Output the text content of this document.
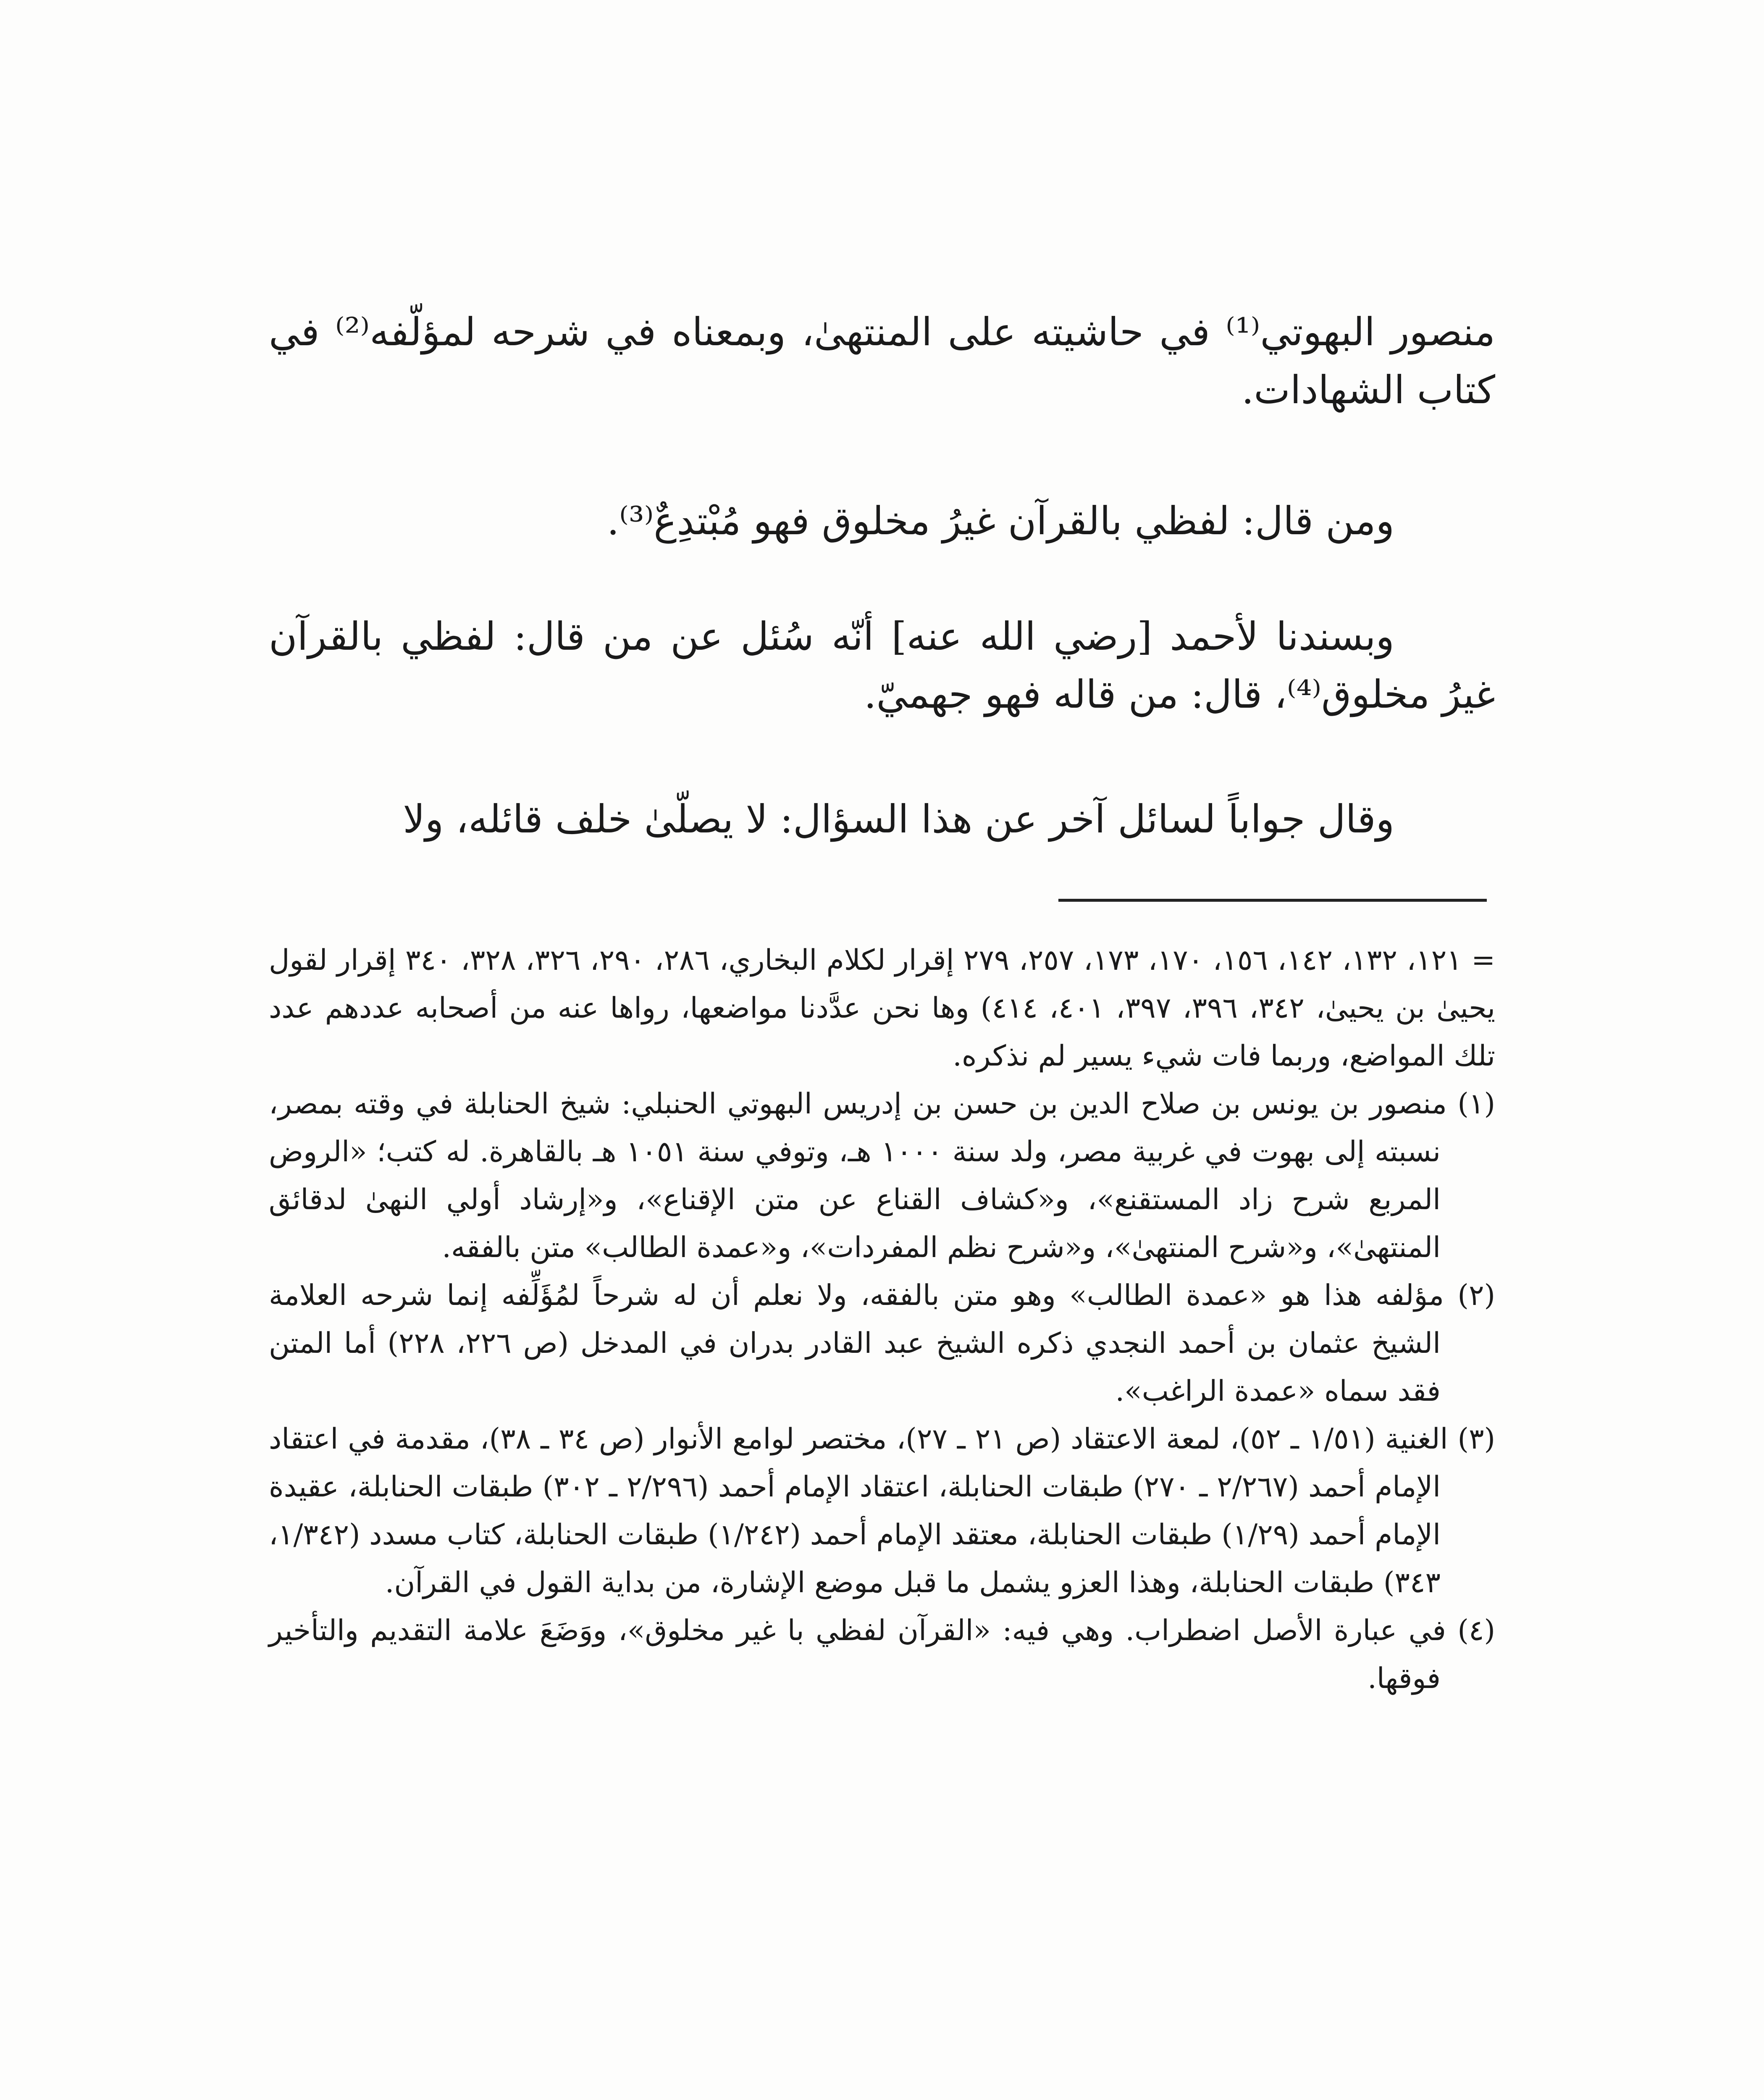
منصور البهوتي⁽¹⁾ في حاشيته على المنتهىٰ، وبمعناه في شرحه لمؤلّفه⁽²⁾ في كتاب الشهادات.

ومن قال: لفظي بالقرآن غيرُ مخلوق فهو مُبْتدِعٌ⁽³⁾.

وبسندنا لأحمد [رضي الله عنه] أنّه سُئل عن من قال: لفظي بالقرآن غيرُ مخلوق⁽⁴⁾، قال: من قاله فهو جهميّ.

وقال جواباً لسائل آخر عن هذا السؤال: لا يصلّىٰ خلف قائله، ولا

= ١٢١، ١٣٢، ١٤٢، ١٥٦، ١٧٠، ١٧٣، ٢٥٧، ٢٧٩ إقرار لكلام البخاري، ٢٨٦، ٢٩٠، ٣٢٦، ٣٢٨، ٣٤٠ إقرار لقول يحيىٰ بن يحيىٰ، ٣٤٢، ٣٩٦، ٣٩٧، ٤٠١، ٤١٤) وها نحن عدَّدنا مواضعها، رواها عنه من أصحابه عددهم عدد تلك المواضع، وربما فات شيء يسير لم نذكره.

(١) منصور بن يونس بن صلاح الدين بن حسن بن إدريس البهوتي الحنبلي: شيخ الحنابلة في وقته بمصر، نسبته إلى بهوت في غربية مصر، ولد سنة ١٠٠٠ هـ، وتوفي سنة ١٠٥١ هـ بالقاهرة. له كتب؛ «الروض المربع شرح زاد المستقنع»، و«كشاف القناع عن متن الإقناع»، و«إرشاد أولي النهىٰ لدقائق المنتهىٰ»، و«شرح المنتهىٰ»، و«شرح نظم المفردات»، و«عمدة الطالب» متن بالفقه.

(٢) مؤلفه هذا هو «عمدة الطالب» وهو متن بالفقه، ولا نعلم أن له شرحاً لمُؤَلِّفه إنما شرحه العلامة الشيخ عثمان بن أحمد النجدي ذكره الشيخ عبد القادر بدران في المدخل (ص ٢٢٦، ٢٢٨) أما المتن فقد سماه «عمدة الراغب».

(٣) الغنية (١/٥١ ـ ٥٢)، لمعة الاعتقاد (ص ٢١ ـ ٢٧)، مختصر لوامع الأنوار (ص ٣٤ ـ ٣٨)، مقدمة في اعتقاد الإمام أحمد (٢/٢٦٧ ـ ٢٧٠) طبقات الحنابلة، اعتقاد الإمام أحمد (٢/٢٩٦ ـ ٣٠٢) طبقات الحنابلة، عقيدة الإمام أحمد (١/٢٩) طبقات الحنابلة، معتقد الإمام أحمد (١/٢٤٢) طبقات الحنابلة، كتاب مسدد (١/٣٤٢، ٣٤٣) طبقات الحنابلة، وهذا العزو يشمل ما قبل موضع الإشارة، من بداية القول في القرآن.

(٤) في عبارة الأصل اضطراب. وهي فيه: «القرآن لفظي با غير مخلوق»، ووَضَعَ علامة التقديم والتأخير فوقها.
